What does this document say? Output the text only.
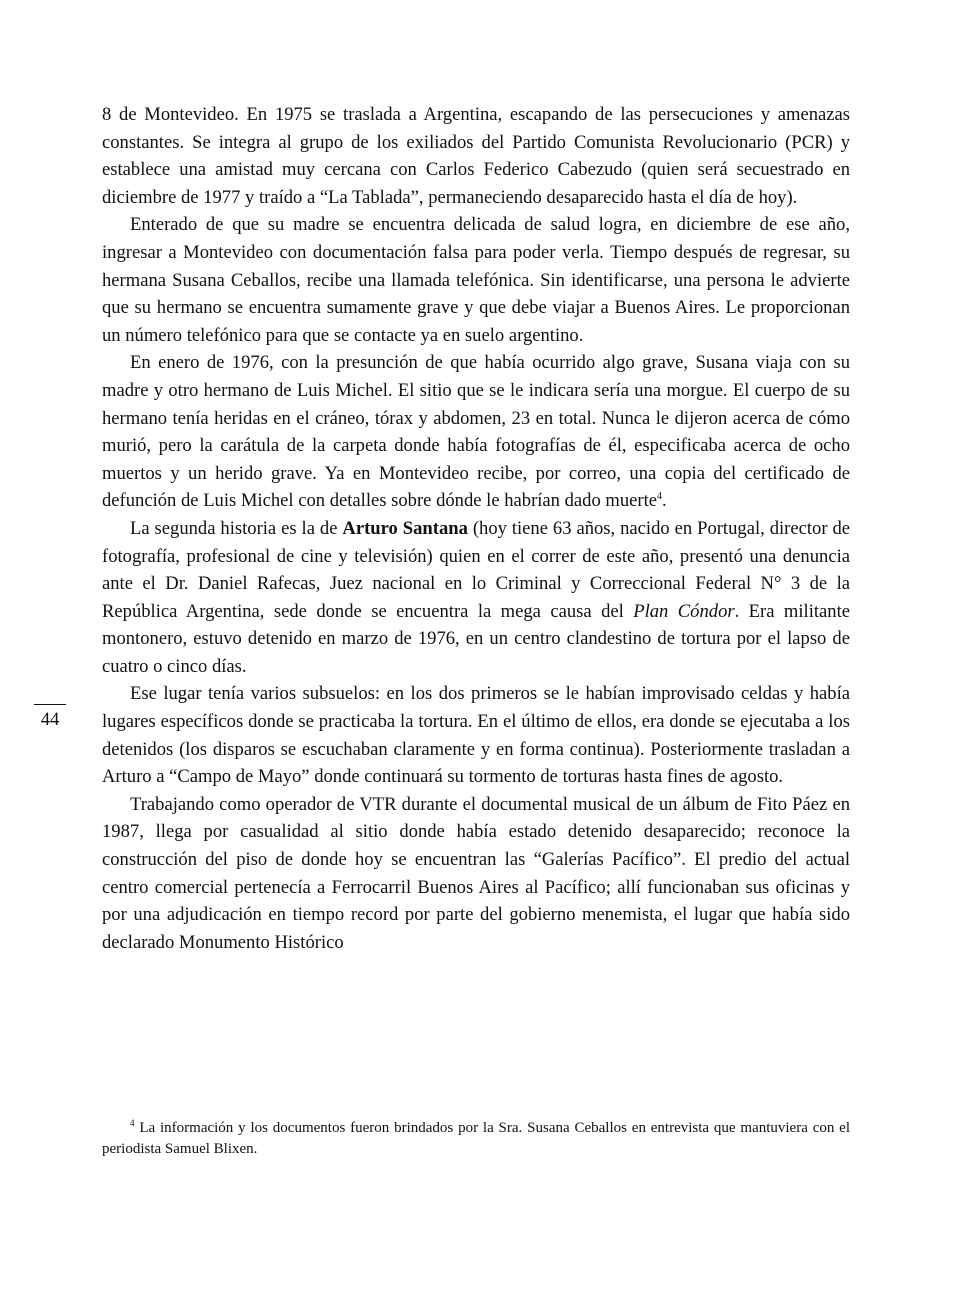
8 de Montevideo. En 1975 se traslada a Argentina, escapando de las persecuciones y amenazas constantes. Se integra al grupo de los exiliados del Partido Comunista Revolucionario (PCR) y establece una amistad muy cercana con Carlos Federico Cabezudo (quien será secuestrado en diciembre de 1977 y traído a “La Tablada”, permaneciendo desaparecido hasta el día de hoy).

Enterado de que su madre se encuentra delicada de salud logra, en diciembre de ese año, ingresar a Montevideo con documentación falsa para poder verla. Tiempo después de regresar, su hermana Susana Ceballos, recibe una llamada telefónica. Sin identificarse, una persona le advierte que su hermano se encuentra sumamente grave y que debe viajar a Buenos Aires. Le proporcionan un número telefónico para que se contacte ya en suelo argentino.

En enero de 1976, con la presunción de que había ocurrido algo grave, Susana viaja con su madre y otro hermano de Luis Michel. El sitio que se le indicara sería una morgue. El cuerpo de su hermano tenía heridas en el cráneo, tórax y abdomen, 23 en total. Nunca le dijeron acerca de cómo murió, pero la carátula de la carpeta donde había fotografías de él, especificaba acerca de ocho muertos y un herido grave. Ya en Montevideo recibe, por correo, una copia del certificado de defunción de Luis Michel con detalles sobre dónde le habrían dado muerte$^4$.

La segunda historia es la de Arturo Santana (hoy tiene 63 años, nacido en Portugal, director de fotografía, profesional de cine y televisión) quien en el correr de este año, presentó una denuncia ante el Dr. Daniel Rafecas, Juez nacional en lo Criminal y Correccional Federal N° 3 de la República Argentina, sede donde se encuentra la mega causa del Plan Cóndor. Era militante montonero, estuvo detenido en marzo de 1976, en un centro clandestino de tortura por el lapso de cuatro o cinco días.

Ese lugar tenía varios subsuelos: en los dos primeros se le habían improvisado celdas y había lugares específicos donde se practicaba la tortura. En el último de ellos, era donde se ejecutaba a los detenidos (los disparos se escuchaban claramente y en forma continua). Posteriormente trasladan a Arturo a “Campo de Mayo” donde continuará su tormento de torturas hasta fines de agosto.

Trabajando como operador de VTR durante el documental musical de un álbum de Fito Páez en 1987, llega por casualidad al sitio donde había estado detenido desaparecido; reconoce la construcción del piso de donde hoy se encuentran las “Galerías Pacífico”. El predio del actual centro comercial pertenecía a Ferrocarril Buenos Aires al Pacífico; allí funcionaban sus oficinas y por una adjudicación en tiempo record por parte del gobierno menemista, el lugar que había sido declarado Monumento Histórico

44
$^4$ La información y los documentos fueron brindados por la Sra. Susana Ceballos en entrevista que mantuviera con el periodista Samuel Blixen.
